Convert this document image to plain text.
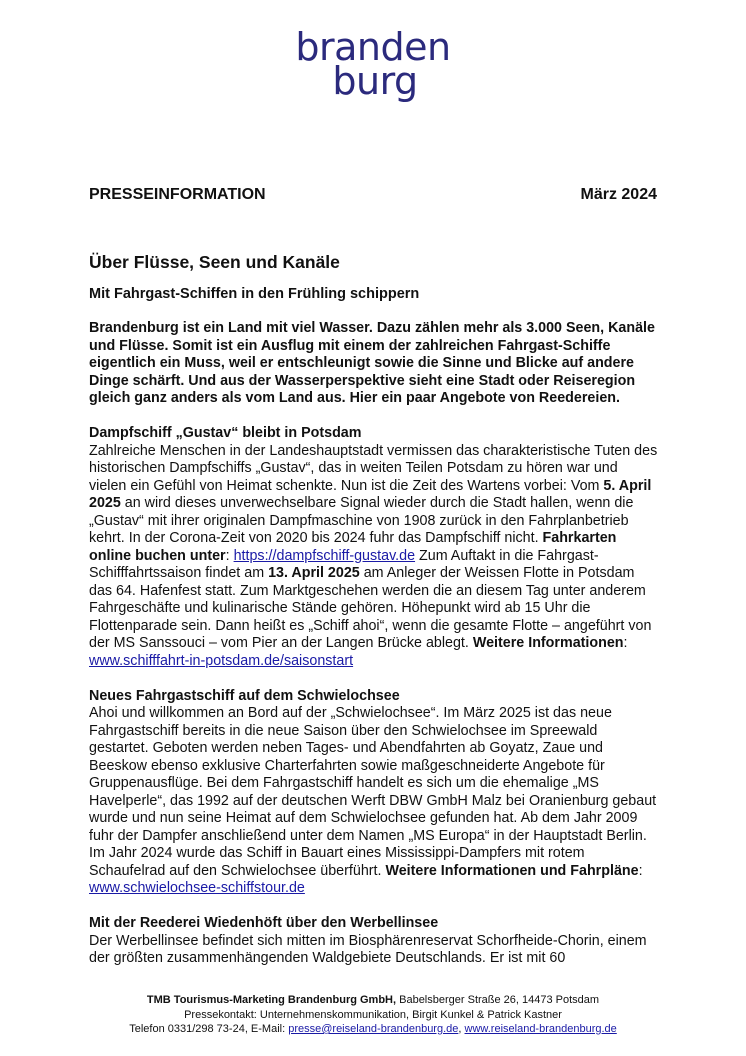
branden
burg
PRESSEINFORMATION	März 2024
Über Flüsse, Seen und Kanäle
Mit Fahrgast-Schiffen in den Frühling schippern

Brandenburg ist ein Land mit viel Wasser. Dazu zählen mehr als 3.000 Seen, Kanäle und Flüsse. Somit ist ein Ausflug mit einem der zahlreichen Fahrgast-Schiffe eigentlich ein Muss, weil er entschleunigt sowie die Sinne und Blicke auf andere Dinge schärft. Und aus der Wasserperspektive sieht eine Stadt oder Reiseregion gleich ganz anders als vom Land aus. Hier ein paar Angebote von Reedereien.

Dampfschiff „Gustav“ bleibt in Potsdam
Zahlreiche Menschen in der Landeshauptstadt vermissen das charakteristische Tuten des historischen Dampfschiffs „Gustav“, das in weiten Teilen Potsdam zu hören war und vielen ein Gefühl von Heimat schenkte. Nun ist die Zeit des Wartens vorbei: Vom 5. April 2025 an wird dieses unverwechselbare Signal wieder durch die Stadt hallen, wenn die „Gustav“ mit ihrer originalen Dampfmaschine von 1908 zurück in den Fahrplanbetrieb kehrt. In der Corona-Zeit von 2020 bis 2024 fuhr das Dampfschiff nicht. Fahrkarten online buchen unter: https://dampfschiff-gustav.de Zum Auftakt in die Fahrgast-Schifffahrtssaison findet am 13. April 2025 am Anleger der Weissen Flotte in Potsdam das 64. Hafenfest statt. Zum Marktgeschehen werden die an diesem Tag unter anderem Fahrgeschäfte und kulinarische Stände gehören. Höhepunkt wird ab 15 Uhr die Flottenparade sein. Dann heißt es „Schiff ahoi“, wenn die gesamte Flotte – angeführt von der MS Sanssouci – vom Pier an der Langen Brücke ablegt. Weitere Informationen: www.schifffahrt-in-potsdam.de/saisonstart

Neues Fahrgastschiff auf dem Schwielochsee
Ahoi und willkommen an Bord auf der „Schwielochsee“. Im März 2025 ist das neue Fahrgastschiff bereits in die neue Saison über den Schwielochsee im Spreewald gestartet. Geboten werden neben Tages- und Abendfahrten ab Goyatz, Zaue und Beeskow ebenso exklusive Charterfahrten sowie maßgeschneiderte Angebote für Gruppenausflüge. Bei dem Fahrgastschiff handelt es sich um die ehemalige „MS Havelperle“, das 1992 auf der deutschen Werft DBW GmbH Malz bei Oranienburg gebaut wurde und nun seine Heimat auf dem Schwielochsee gefunden hat. Ab dem Jahr 2009 fuhr der Dampfer anschließend unter dem Namen „MS Europa“ in der Hauptstadt Berlin. Im Jahr 2024 wurde das Schiff in Bauart eines Mississippi-Dampfers mit rotem Schaufelrad auf den Schwielochsee überführt. Weitere Informationen und Fahrpläne: www.schwielochsee-schiffstour.de

Mit der Reederei Wiedenhöft über den Werbellinsee
Der Werbellinsee befindet sich mitten im Biosphärenreservat Schorfheide-Chorin, einem der größten zusammenhängenden Waldgebiete Deutschlands. Er ist mit 60

TMB Tourismus-Marketing Brandenburg GmbH, Babelsberger Straße 26, 14473 Potsdam
Pressekontakt: Unternehmenskommunikation, Birgit Kunkel & Patrick Kastner
Telefon 0331/298 73-24, E-Mail: presse@reiseland-brandenburg.de, www.reiseland-brandenburg.de
